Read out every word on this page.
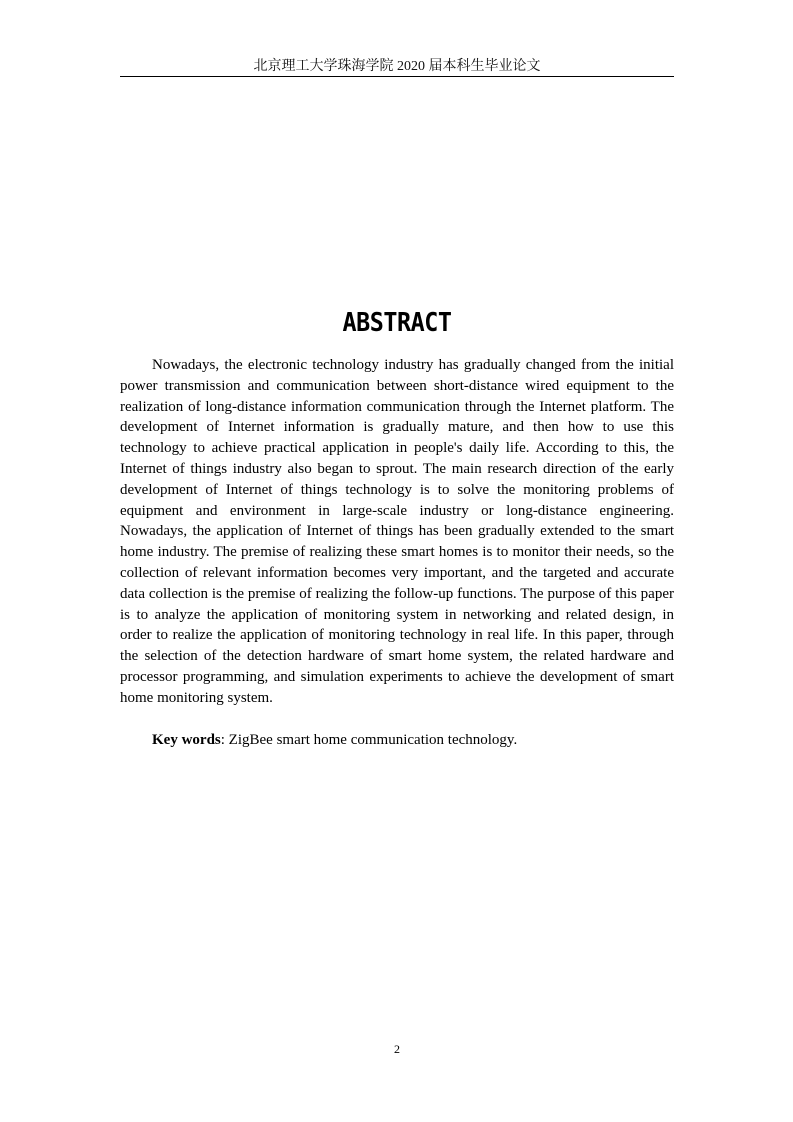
北京理工大学珠海学院 2020 届本科生毕业论文
ABSTRACT

Nowadays, the electronic technology industry has gradually changed from the initial power transmission and communication between short-distance wired equipment to the realization of long-distance information communication through the Internet platform. The development of Internet information is gradually mature, and then how to use this technology to achieve practical application in people's daily life. According to this, the Internet of things industry also began to sprout. The main research direction of the early development of Internet of things technology is to solve the monitoring problems of equipment and environment in large-scale industry or long-distance engineering. Nowadays, the application of Internet of things has been gradually extended to the smart home industry. The premise of realizing these smart homes is to monitor their needs, so the collection of relevant information becomes very important, and the targeted and accurate data collection is the premise of realizing the follow-up functions. The purpose of this paper is to analyze the application of monitoring system in networking and related design, in order to realize the application of monitoring technology in real life. In this paper, through the selection of the detection hardware of smart home system, the related hardware and processor programming, and simulation experiments to achieve the development of smart home monitoring system.

Key words: ZigBee smart home communication technology.
2
